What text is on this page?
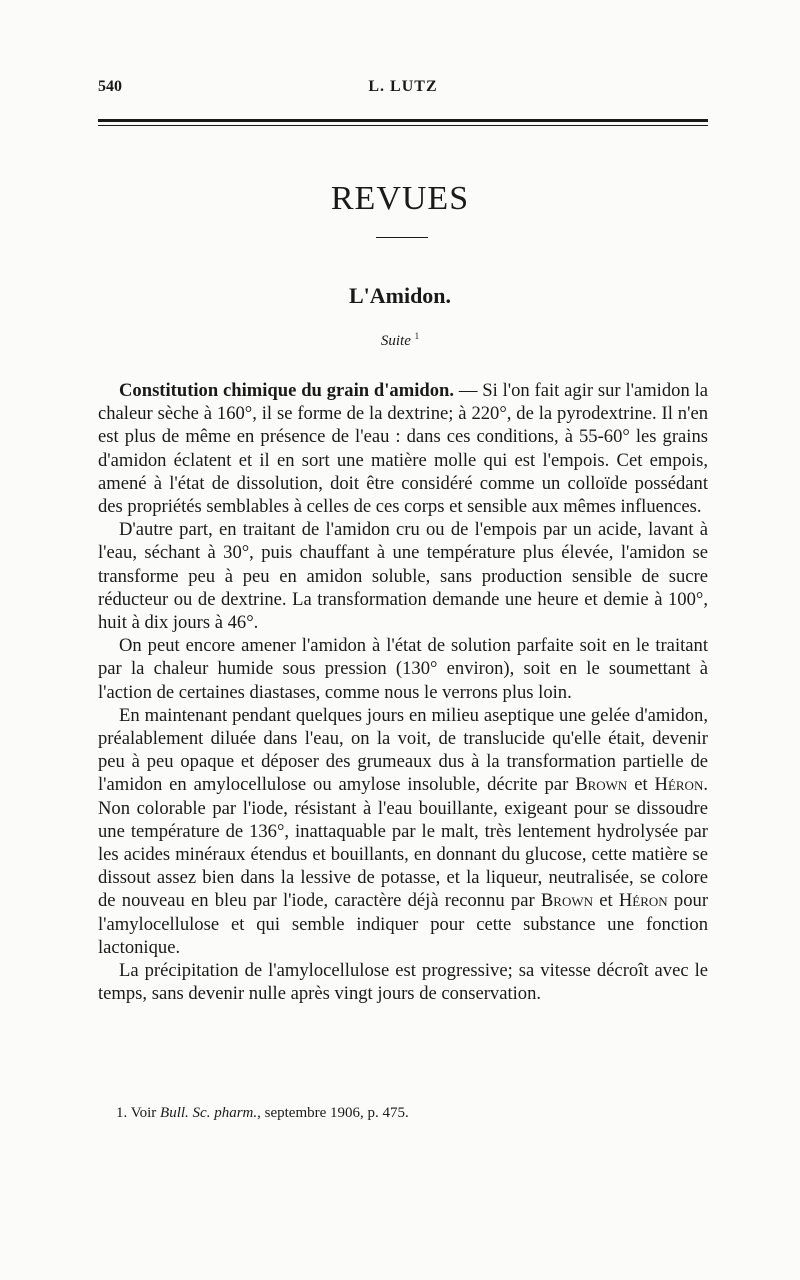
540	L. LUTZ
REVUES
L'Amidon.
Suite $^1$

Constitution chimique du grain d'amidon. — Si l'on fait agir sur l'amidon la chaleur sèche à 160°, il se forme de la dextrine; à 220°, de la pyrodextrine. Il n'en est plus de même en présence de l'eau : dans ces conditions, à 55-60° les grains d'amidon éclatent et il en sort une matière molle qui est l'empois. Cet empois, amené à l'état de dissolution, doit être considéré comme un colloïde possédant des propriétés semblables à celles de ces corps et sensible aux mêmes influences.

D'autre part, en traitant de l'amidon cru ou de l'empois par un acide, lavant à l'eau, séchant à 30°, puis chauffant à une température plus élevée, l'amidon se transforme peu à peu en amidon soluble, sans production sensible de sucre réducteur ou de dextrine. La transformation demande une heure et demie à 100°, huit à dix jours à 46°.

On peut encore amener l'amidon à l'état de solution parfaite soit en le traitant par la chaleur humide sous pression (130° environ), soit en le soumettant à l'action de certaines diastases, comme nous le verrons plus loin.

En maintenant pendant quelques jours en milieu aseptique une gelée d'amidon, préalablement diluée dans l'eau, on la voit, de translucide qu'elle était, devenir peu à peu opaque et déposer des grumeaux dus à la transformation partielle de l'amidon en amylocellulose ou amylose insoluble, décrite par Brown et Héron. Non colorable par l'iode, résistant à l'eau bouillante, exigeant pour se dissoudre une température de 136°, inattaquable par le malt, très lentement hydrolysée par les acides minéraux étendus et bouillants, en donnant du glucose, cette matière se dissout assez bien dans la lessive de potasse, et la liqueur, neutralisée, se colore de nouveau en bleu par l'iode, caractère déjà reconnu par Brown et Héron pour l'amylocellulose et qui semble indiquer pour cette substance une fonction lactonique.

La précipitation de l'amylocellulose est progressive; sa vitesse décroît avec le temps, sans devenir nulle après vingt jours de conservation.

1. Voir Bull. Sc. pharm., septembre 1906, p. 475.
